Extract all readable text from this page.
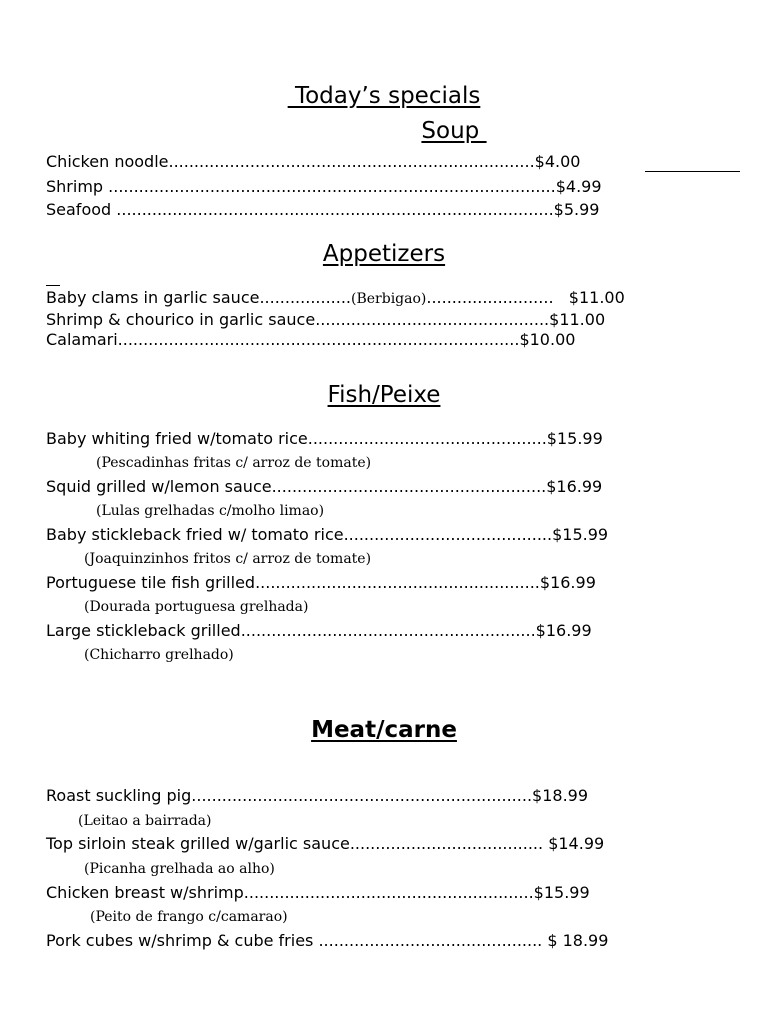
Today’s specials
Soup
Chicken noodle........................................................................$4.00
Shrimp ........................................................................................$4.99
Seafood ......................................................................................$5.99
Appetizers
Baby clams in garlic sauce..................(Berbigao).........................   $11.00
Shrimp & chourico in garlic sauce..............................................$11.00
Calamari...............................................................................$10.00
Fish/Peixe
Baby whiting fried w/tomato rice...............................................$15.99
(Pescadinhas fritas c/ arroz de tomate)
Squid grilled w/lemon sauce......................................................$16.99
(Lulas grelhadas c/molho limao)
Baby stickleback fried w/ tomato rice.........................................$15.99
(Joaquinzinhos fritos c/ arroz de tomate)
Portuguese tile fish grilled........................................................$16.99
(Dourada portuguesa grelhada)
Large stickleback grilled..........................................................$16.99
(Chicharro grelhado)
Meat/carne
Roast suckling pig...................................................................$18.99
(Leitao a bairrada)
Top sirloin steak grilled w/garlic sauce...................................... $14.99
(Picanha grelhada ao alho)
Chicken breast w/shrimp.........................................................$15.99
(Peito de frango c/camarao)
Pork cubes w/shrimp & cube fries ............................................ $ 18.99
